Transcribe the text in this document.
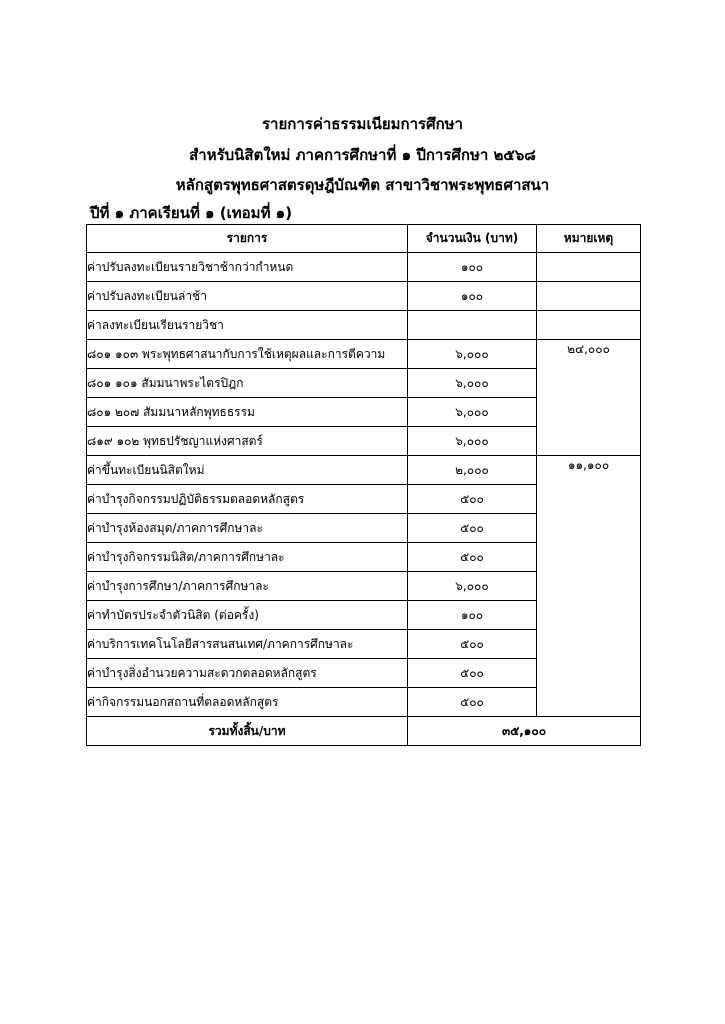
รายการค่าธรรมเนียมการศึกษา
สำหรับนิสิตใหม่ ภาคการศึกษาที่ ๑ ปีการศึกษา ๒๕๖๘
หลักสูตรพุทธศาสตรดุษฎีบัณฑิต สาขาวิชาพระพุทธศาสนา
ปีที่ ๑ ภาคเรียนที่ ๑ (เทอมที่ ๑)
รายการ	จำนวนเงิน (บาท)	หมายเหตุ
ค่าปรับลงทะเบียนรายวิชาช้ากว่ากำหนด	๑๐๐	
ค่าปรับลงทะเบียนล่าช้า	๑๐๐	
ค่าลงทะเบียนเรียนรายวิชา		
๘๐๑ ๑๐๓ พระพุทธศาสนากับการใช้เหตุผลและการตีความ	๖,๐๐๐	๒๔,๐๐๐
๘๐๑ ๑๐๑ สัมมนาพระไตรปิฎก	๖,๐๐๐	
๘๐๑ ๒๐๗ สัมมนาหลักพุทธธรรม	๖,๐๐๐	
๘๑๙ ๑๐๒ พุทธปรัชญาแห่งศาสตร์	๖,๐๐๐	
ค่าขึ้นทะเบียนนิสิตใหม่	๒,๐๐๐	๑๑,๑๐๐
ค่าบำรุงกิจกรรมปฏิบัติธรรมตลอดหลักสูตร	๕๐๐	
ค่าบำรุงห้องสมุด/ภาคการศึกษาละ	๕๐๐	
ค่าบำรุงกิจกรรมนิสิต/ภาคการศึกษาละ	๕๐๐	
ค่าบำรุงการศึกษา/ภาคการศึกษาละ	๖,๐๐๐	
ค่าทำบัตรประจำตัวนิสิต (ต่อครั้ง)	๑๐๐	
ค่าบริการเทคโนโลยีสารสนสนเทศ/ภาคการศึกษาละ	๕๐๐	
ค่าบำรุงสิ่งอำนวยความสะดวกตลอดหลักสูตร	๕๐๐	
ค่ากิจกรรมนอกสถานที่ตลอดหลักสูตร	๕๐๐	
รวมทั้งสิ้น/บาท	๓๕,๑๐๐	
